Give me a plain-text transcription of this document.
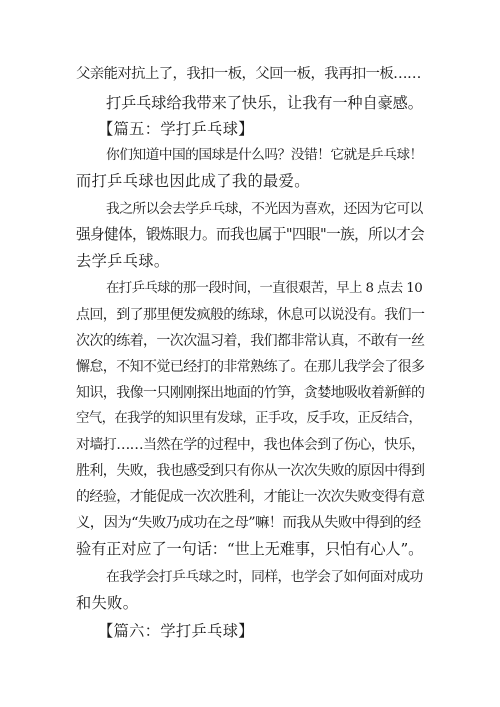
父亲能对抗上了，我扣一板，父回一板，我再扣一板……
打乒乓球给我带来了快乐，让我有一种自豪感。
【篇五：学打乒乓球】
你们知道中国的国球是什么吗？没错！它就是乒乓球！
而打乒乓球也因此成了我的最爱。
我之所以会去学乒乓球，不光因为喜欢，还因为它可以
强身健体，锻炼眼力。而我也属于"四眼"一族，所以才会
去学乒乓球。
在打乒乓球的那一段时间，一直很艰苦，早上 8 点去 10
点回，到了那里便发疯般的练球，休息可以说没有。我们一
次次的练着，一次次温习着，我们都非常认真，不敢有一丝
懈怠，不知不觉已经打的非常熟练了。在那儿我学会了很多
知识，我像一只刚刚探出地面的竹笋，贪婪地吸收着新鲜的
空气，在我学的知识里有发球，正手攻，反手攻，正反结合，
对墙打……当然在学的过程中，我也体会到了伤心，快乐，
胜利，失败，我也感受到只有你从一次次失败的原因中得到
的经验，才能促成一次次胜利，才能让一次次失败变得有意
义，因为“失败乃成功在之母”嘛！而我从失败中得到的经
验有正对应了一句话：“世上无难事，只怕有心人”。
在我学会打乒乓球之时，同样，也学会了如何面对成功
和失败。
【篇六：学打乒乓球】
